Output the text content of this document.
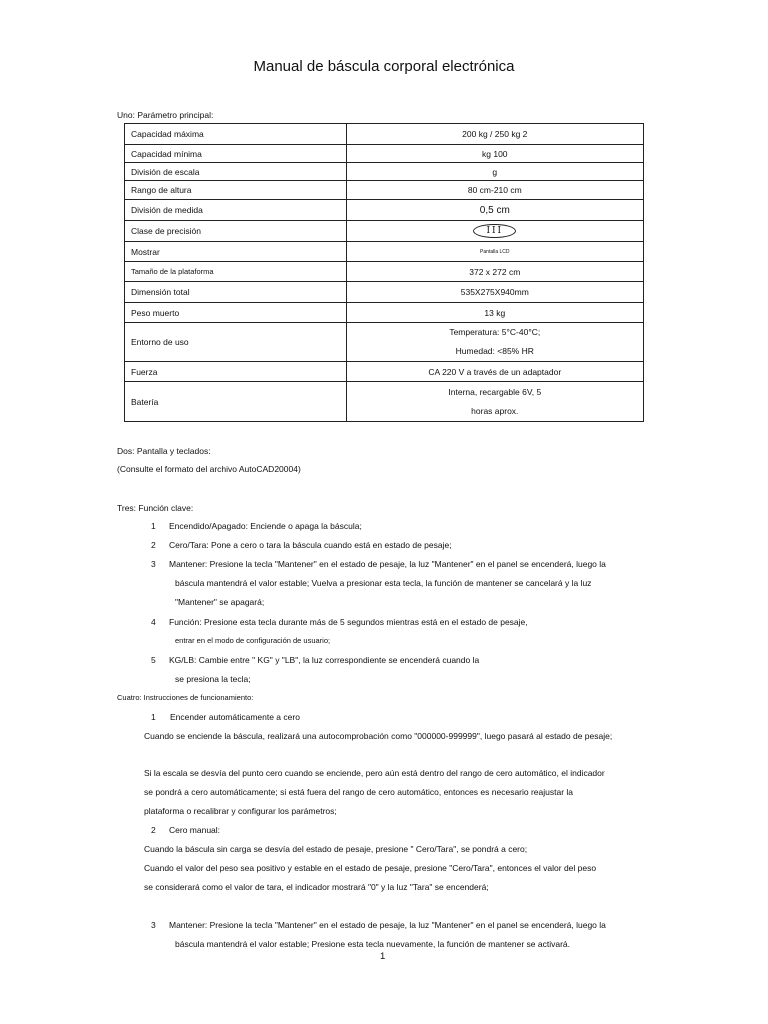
Manual de báscula corporal electrónica
Uno: Parámetro principal:
Capacidad máxima	200 kg / 250 kg 2
Capacidad mínima	kg 100
División de escala	g
Rango de altura	80 cm-210 cm
División de medida	0,5 cm
Clase de precisión	III
Mostrar	Pantalla LCD
Tamaño de la plataforma	372 x 272 cm
Dimensión total	535X275X940mm
Peso muerto	13 kg
Entorno de uso	Temperatura: 5°C-40°C;
Humedad: <85% HR

Fuerza	CA 220 V a través de un adaptador
Batería	Interna, recargable 6V, 5
horas aprox.
Dos: Pantalla y teclados:
(Consulte el formato del archivo AutoCAD20004)
Tres: Función clave:
1 Encendido/Apagado: Enciende o apaga la báscula;
2 Cero/Tara: Pone a cero o tara la báscula cuando está en estado de pesaje;
3 Mantener: Presione la tecla "Mantener" en el estado de pesaje, la luz "Mantener" en el panel se encenderá, luego la
báscula mantendrá el valor estable; Vuelva a presionar esta tecla, la función de mantener se cancelará y la luz
"Mantener" se apagará;
4 Función: Presione esta tecla durante más de 5 segundos mientras está en el estado de pesaje,
entrar en el modo de configuración de usuario;
5 KG/LB: Cambie entre " KG" y "LB", la luz correspondiente se encenderá cuando la
se presiona la tecla;
Cuatro: Instrucciones de funcionamiento:
1 Encender automáticamente a cero
Cuando se enciende la báscula, realizará una autocomprobación como "000000-999999", luego pasará al estado de pesaje;
Si la escala se desvía del punto cero cuando se enciende, pero aún está dentro del rango de cero automático, el indicador
se pondrá a cero automáticamente; si está fuera del rango de cero automático, entonces es necesario reajustar la
plataforma o recalibrar y configurar los parámetros;
2 Cero manual:
Cuando la báscula sin carga se desvía del estado de pesaje, presione " Cero/Tara", se pondrá a cero;
Cuando el valor del peso sea positivo y estable en el estado de pesaje, presione "Cero/Tara", entonces el valor del peso
se considerará como el valor de tara, el indicador mostrará "0" y la luz "Tara" se encenderá;
3 Mantener: Presione la tecla "Mantener" en el estado de pesaje, la luz "Mantener" en el panel se encenderá, luego la
báscula mantendrá el valor estable; Presione esta tecla nuevamente, la función de mantener se activará.
1
